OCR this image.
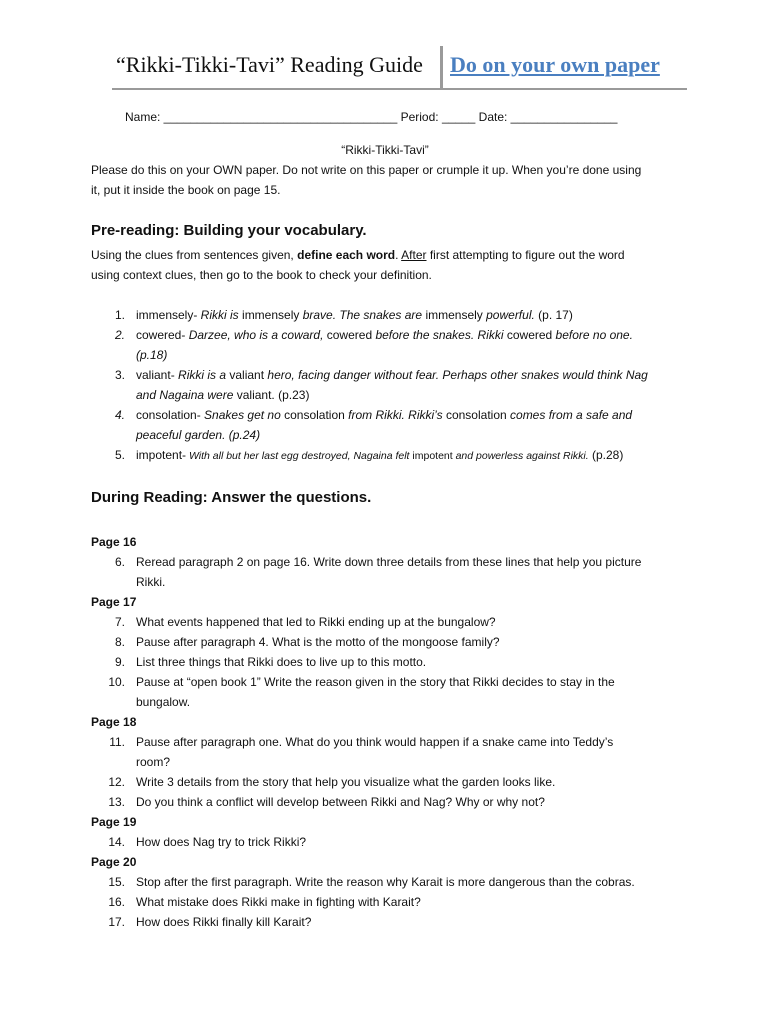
“Rikki-Tikki-Tavi” Reading Guide Do on your own paper
Name: ___________________________________ Period: _____ Date: ________________
“Rikki-Tikki-Tavi”
Please do this on your OWN paper. Do not write on this paper or crumple it up. When you’re done using
it, put it inside the book on page 15.
Pre-reading: Building your vocabulary.
Using the clues from sentences given, define each word. After first attempting to figure out the word
using context clues, then go to the book to check your definition.
1. immensely- Rikki is immensely brave. The snakes are immensely powerful. (p. 17)
2. cowered- Darzee, who is a coward, cowered before the snakes. Rikki cowered before no one.
(p.18)
3. valiant- Rikki is a valiant hero, facing danger without fear. Perhaps other snakes would think Nag
and Nagaina were valiant. (p.23)
4. consolation- Snakes get no consolation from Rikki. Rikki’s consolation comes from a safe and
peaceful garden. (p.24)
5. impotent- With all but her last egg destroyed, Nagaina felt impotent and powerless against Rikki. (p.28)
During Reading: Answer the questions.
Page 16
6. Reread paragraph 2 on page 16. Write down three details from these lines that help you picture
Rikki.
Page 17
7. What events happened that led to Rikki ending up at the bungalow?
8. Pause after paragraph 4. What is the motto of the mongoose family?
9. List three things that Rikki does to live up to this motto.
10. Pause at “open book 1” Write the reason given in the story that Rikki decides to stay in the
bungalow.
Page 18
11. Pause after paragraph one. What do you think would happen if a snake came into Teddy’s
room?
12. Write 3 details from the story that help you visualize what the garden looks like.
13. Do you think a conflict will develop between Rikki and Nag? Why or why not?
Page 19
14. How does Nag try to trick Rikki?
Page 20
15. Stop after the first paragraph. Write the reason why Karait is more dangerous than the cobras.
16. What mistake does Rikki make in fighting with Karait?
17. How does Rikki finally kill Karait?
